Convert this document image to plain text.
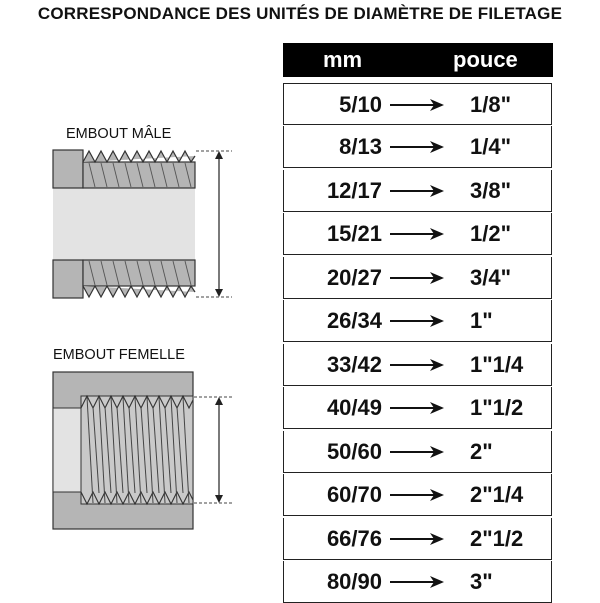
CORRESPONDANCE DES UNITÉS DE DIAMÈTRE DE FILETAGE
EMBOUT MÂLE
EMBOUT FEMELLE
mm	pouce
5/10	1/8"
8/13	1/4"
12/17	3/8"
15/21	1/2"
20/27	3/4"
26/34	1"
33/42	1"1/4
40/49	1"1/2
50/60	2"
60/70	2"1/4
66/76	2"1/2
80/90	3"
